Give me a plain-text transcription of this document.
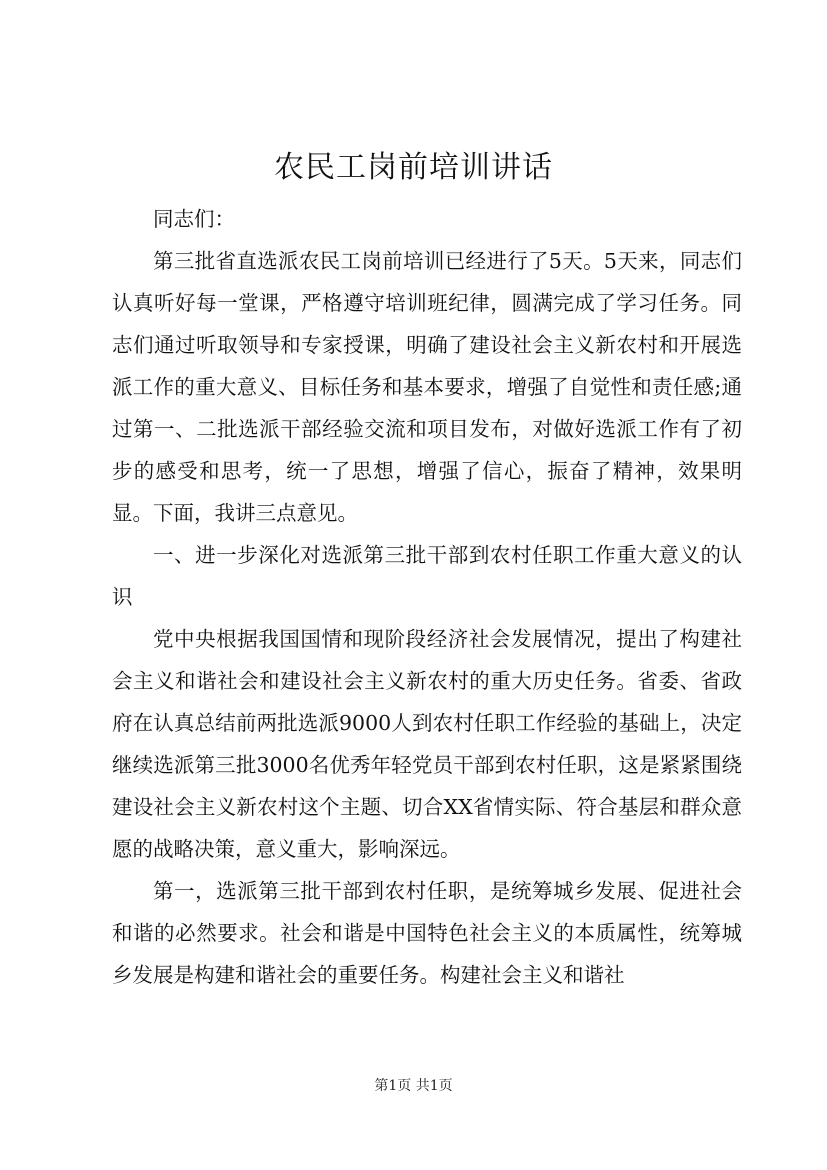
农民工岗前培训讲话

同志们：

第三批省直选派农民工岗前培训已经进行了5天。5天来，同志们认真听好每一堂课，严格遵守培训班纪律，圆满完成了学习任务。同志们通过听取领导和专家授课，明确了建设社会主义新农村和开展选派工作的重大意义、目标任务和基本要求，增强了自觉性和责任感;通过第一、二批选派干部经验交流和项目发布，对做好选派工作有了初步的感受和思考，统一了思想，增强了信心，振奋了精神，效果明显。下面，我讲三点意见。

一、进一步深化对选派第三批干部到农村任职工作重大意义的认识

党中央根据我国国情和现阶段经济社会发展情况，提出了构建社会主义和谐社会和建设社会主义新农村的重大历史任务。省委、省政府在认真总结前两批选派9000人到农村任职工作经验的基础上，决定继续选派第三批3000名优秀年轻党员干部到农村任职，这是紧紧围绕建设社会主义新农村这个主题、切合XX省情实际、符合基层和群众意愿的战略决策，意义重大，影响深远。

第一，选派第三批干部到农村任职，是统筹城乡发展、促进社会和谐的必然要求。社会和谐是中国特色社会主义的本质属性，统筹城乡发展是构建和谐社会的重要任务。构建社会主义和谐社

第1页 共1页
